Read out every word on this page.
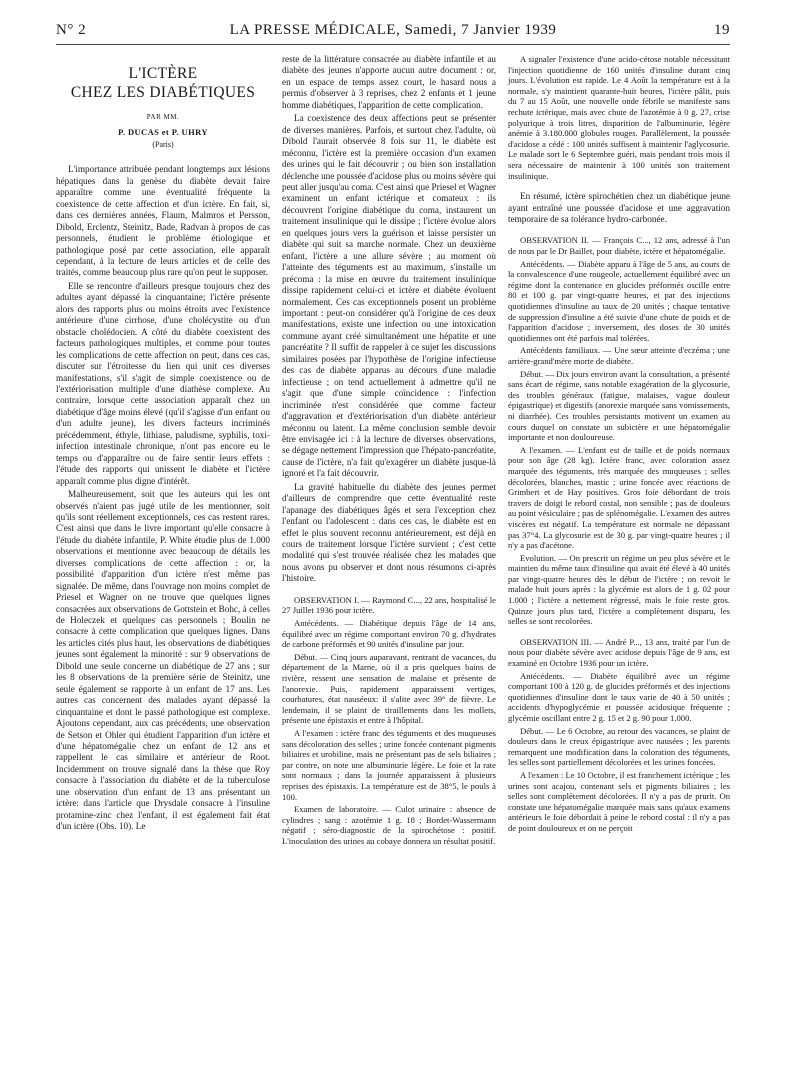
N° 2	LA PRESSE MÉDICALE, Samedi, 7 Janvier 1939	19
L'ICTÈRE
CHEZ LES DIABÉTIQUES
PAR MM.
P. DUCAS et P. UHRY
(Paris)

L'importance attribuée pendant longtemps aux lésions hépatiques dans la genèse du diabète devait faire apparaître comme une éventualité fréquente la coexistence de cette affection et d'un ictère. En fait, si, dans ces dernières années, Flaum, Malmros et Persson, Dibold, Erclentz, Steinitz, Bade, Radvan à propos de cas personnels, étudient le problème étiologique et pathologique posé par cette association, elle apparaît cependant, à la lecture de leurs articles et de celle des traités, comme beaucoup plus rare qu'on peut le supposer.

Elle se rencontre d'ailleurs presque toujours chez des adultes ayant dépassé la cinquantaine; l'ictère présente alors des rapports plus ou moins étroits avec l'existence antérieure d'une cirrhose, d'une cholécystite ou d'un obstacle cholédocien. A côté du diabète coexistent des facteurs pathologiques multiples, et comme pour toutes les complications de cette affection on peut, dans ces cas, discuter sur l'étroitesse du lien qui unit ces diverses manifestations, s'il s'agit de simple coexistence ou de l'extériorisation multiple d'une diathèse complexe. Au contraire, lorsque cette association apparaît chez un diabétique d'âge moins élevé (qu'il s'agisse d'un enfant ou d'un adulte jeune), les divers facteurs incriminés précédemment, éthyle, lithiase, paludisme, syphilis, toxi-infection intestinale chronique, n'ont pas encore eu le temps ou d'apparaître ou de faire sentir leurs effets : l'étude des rapports qui unissent le diabète et l'ictère apparaît comme plus digne d'intérêt.

Malheureusement, soit que les auteurs qui les ont observés n'aient pas jugé utile de les mentionner, soit qu'ils sont réellement exceptionnels, ces cas restent rares. C'est ainsi que dans le livre important qu'elle consacre à l'étude du diabète infantile, P. White étudie plus de 1.000 observations et mentionne avec beaucoup de détails les diverses complications de cette affection : or, la possibilité d'apparition d'un ictère n'est même pas signalée. De même, dans l'ouvrage non moins complet de Priesel et Wagner on ne trouve que quelques lignes consacrées aux observations de Gottstein et Bohc, à celles de Holeczek et quelques cas personnels ; Boulin ne consacre à cette complication que quelques lignes. Dans les articles cités plus haut, les observations de diabétiques jeunes sont également la minorité : sur 9 observations de Dibold une seule concerne un diabétique de 27 ans ; sur les 8 observations de la première série de Steinitz, une seule également se rapporte à un enfant de 17 ans. Les autres cas concernent des malades ayant dépassé la cinquantaine et dont le passé pathologique est complexe. Ajoutons cependant, aux cas précédents, une observation de Setson et Ohler qui étudient l'apparition d'un ictère et d'une hépatomégalie chez un enfant de 12 ans et rappellent le cas similaire et antérieur de Root. Incidemment on trouve signalé dans la thèse que Roy consacre à l'association du diabète et de la tuberculose une observation d'un enfant de 13 ans présentant un ictère: dans l'article que Drysdale consacre à l'insuline protamine-zinc chez l'enfant, il est également fait état d'un ictère (Obs. 10). Le

reste de la littérature consacrée au diabète infantile et au diabète des jeunes n'apporte aucun autre document : or, en un espace de temps assez court, le hasard nous a permis d'observer à 3 reprises, chez 2 enfants et 1 jeune homme diabétiques, l'apparition de cette complication.

La coexistence des deux affections peut se présenter de diverses manières. Parfois, et surtout chez l'adulte, où Dibold l'aurait observée 8 fois sur 11, le diabète est méconnu, l'ictère est la première occasion d'un examen des urines qui le fait découvrir ; ou bien son installation déclenche une poussée d'acidose plus ou moins sévère qui peut aller jusqu'au coma. C'est ainsi que Priesel et Wagner examinent un enfant ictérique et comateux : ils découvrent l'origine diabétique du coma, instaurent un traitement insulinique qui le dissipe ; l'ictère évolue alors en quelques jours vers la guérison et laisse persister un diabète qui suit sa marche normale. Chez un deuxième enfant, l'ictère a une allure sévère ; au moment où l'atteinte des téguments est au maximum, s'installe un précoma : la mise en œuvre du traitement insulinique dissipe rapidement celui-ci et ictère et diabète évoluent normalement. Ces cas exceptionnels posent un problème important : peut-on considérer qu'à l'origine de ces deux manifestations, existe une infection ou une intoxication commune ayant créé simultanément une hépatite et une pancréatite ? Il suffit de rappeler à ce sujet les discussions similaires posées par l'hypothèse de l'origine infectieuse des cas de diabète apparus au décours d'une maladie infectieuse ; on tend actuellement à admettre qu'il ne s'agit que d'une simple coïncidence : l'infection incriminée n'est considérée que comme facteur d'aggravation et d'extériorisation d'un diabète antérieur méconnu ou latent. La même conclusion semble devoir être envisagée ici : à la lecture de diverses observations, se dégage nettement l'impression que l'hépato-pancréatite, cause de l'ictère, n'a fait qu'exagérer un diabète jusque-là ignoré et l'a fait découvrir.

La gravité habituelle du diabète des jeunes permet d'ailleurs de comprendre que cette éventualité reste l'apanage des diabétiques âgés et sera l'exception chez l'enfant ou l'adolescent : dans ces cas, le diabète est en effet le plus souvent reconnu antérieurement, est déjà en cours de traitement lorsque l'ictère survient ; c'est cette modalité qui s'est trouvée réalisée chez les malades que nous avons pu observer et dont nous résumons ci-après l'histoire.

OBSERVATION I. — Raymond C..., 22 ans, hospitalisé le 27 Juillet 1936 pour ictère.

Antécédents. — Diabétique depuis l'âge de 14 ans, équilibré avec un régime comportant environ 70 g. d'hydrates de carbone préformés et 90 unités d'insuline par jour.

Début. — Cinq jours auparavant, rentrant de vacances, du département de la Marne, où il a pris quelques bains de rivière, ressent une sensation de malaise et présente de l'anorexie. Puis, rapidement apparaissent vertiges, courbatures, état nauséeux: il s'alite avec 39° de fièvre. Le lendemain, il se plaint de tiraillements dans les mollets, présente une épistaxis et entre à l'hôpital.

A l'examen : ictère franc des téguments et des muqueuses sans décoloration des selles ; urine foncée contenant pigments biliaires et urobiline, mais ne présentant pas de sels biliaires ; par contre, on note une albuminurie légère. Le foie et la rate sont normaux ; dans la journée apparaissent à plusieurs reprises des épistaxis. La température est de 38°5, le pouls à 100.

Examen de laboratoire. — Culot urinaire : absence de cylindres ; sang : azotémie 1 g. 18 ; Bordet-Wassermann négatif ; séro-diagnostic de la spirochétose : positif. L'inoculation des urines au cobaye donnera un résultat positif.

A signaler l'existence d'une acido-cétose notable nécessitant l'injection quotidienne de 160 unités d'insuline durant cinq jours. L'évolution est rapide. Le 4 Août la température est à la normale, s'y maintient quarante-huit heures, l'ictère pâlit, puis du 7 au 15 Août, une nouvelle onde fébrile se manifeste sans rechute ictérique, mais avec chute de l'azotémie à 0 g. 27, crise polyurique à trois litres, disparition de l'albuminurie, légère anémie à 3.180.000 globules rouges. Parallèlement, la poussée d'acidose a cédé : 100 unités suffisent à maintenir l'aglycosurie. Le malade sort le 6 Septembre guéri, mais pendant trois mois il sera nécessaire de maintenir à 100 unités son traitement insulinique.

En résumé, ictère spirochétien chez un diabétique jeune ayant entraîné une poussée d'acidose et une aggravation temporaire de sa tolérance hydro-carbonée.

OBSERVATION II. — François C..., 12 ans, adressé à l'un de nous par le Dr Baillet, pour diabète, ictère et hépatomégalie.

Antécédents. — Diabète apparu à l'âge de 5 ans, au cours de la convalescence d'une rougeole, actuellement équilibré avec un régime dont la contenance en glucides préformés oscille entre 80 et 100 g. par vingt-quatre heures, et par des injections quotidiennes d'insuline au taux de 20 unités ; chaque tentative de suppression d'insuline a été suivie d'une chute de poids et de l'apparition d'acidose ; inversement, des doses de 30 unités quotidiennes ont été parfois mal tolérées.

Antécédents familiaux. — Une sœur atteinte d'eczéma ; une arrière-grand'mère morte de diabète.

Début. — Dix jours environ avant la consultation, a présenté sans écart de régime, sans notable exagération de la glycosurie, des troubles généraux (fatigue, malaises, vague douleur épigastrique) et digestifs (anorexie marquée sans vomissements, ni diarrhée). Ces troubles persistants motivent un examen au cours duquel on constate un subictère et une hépatomégalie importante et non douloureuse.

A l'examen. — L'enfant est de taille et de poids normaux pour son âge (28 kg). Ictère franc, avec coloration assez marquée des téguments, très marquée des muqueuses ; selles décolorées, blanches, mastic ; urine foncée avec réactions de Grimbert et de Hay positives. Gros foie débordant de trois travers de doigt le rebord costal, non sensible ; pas de douleurs au point vésiculaire ; pas de splénomégalie. L'examen des autres viscères est négatif. La température est normale ne dépassant pas 37°4. La glycosurie est de 30 g. par vingt-quatre heures ; il n'y a pas d'acétone.

Evolution. — On prescrit un régime un peu plus sévère et le maintien du même taux d'insuline qui avait été élevé à 40 unités par vingt-quatre heures dès le début de l'ictère ; on revoit le malade huit jours après : la glycémie est alors de 1 g. 02 pour 1.000 ; l'ictère a nettement régressé, mais le foie reste gros. Quinze jours plus tard, l'ictère a complètement disparu, les selles se sont recolorées.

OBSERVATION III. — André P..., 13 ans, traité par l'un de nous pour diabète sévère avec acidose depuis l'âge de 9 ans, est examiné en Octobre 1936 pour un ictère.

Antécédents. — Diabète équilibré avec un régime comportant 100 à 120 g. de glucides préformés et des injections quotidiennes d'insuline dont le taux varie de 40 à 50 unités ; accidents d'hypoglycémie et poussée acidosique fréquente ; glycémie oscillant entre 2 g. 15 et 2 g. 90 pour 1.000.

Début. — Le 6 Octobre, au retour des vacances, se plaint de douleurs dans le creux épigastrique avec nausées ; les parents remarquent une modification dans la coloration des téguments, les selles sont partiellement décolorées et les urines foncées.

A l'examen : Le 10 Octobre, il est franchement ictérique ; les urines sont acajou, contenant sels et pigments biliaires ; les selles sont complètement décolorées. Il n'y a pas de prurit. On constate une hépatomégalie marquée mais sans qu'aux examens antérieurs le foie débordait à peine le rebord costal : il n'y a pas de point douloureux et on ne perçoit
